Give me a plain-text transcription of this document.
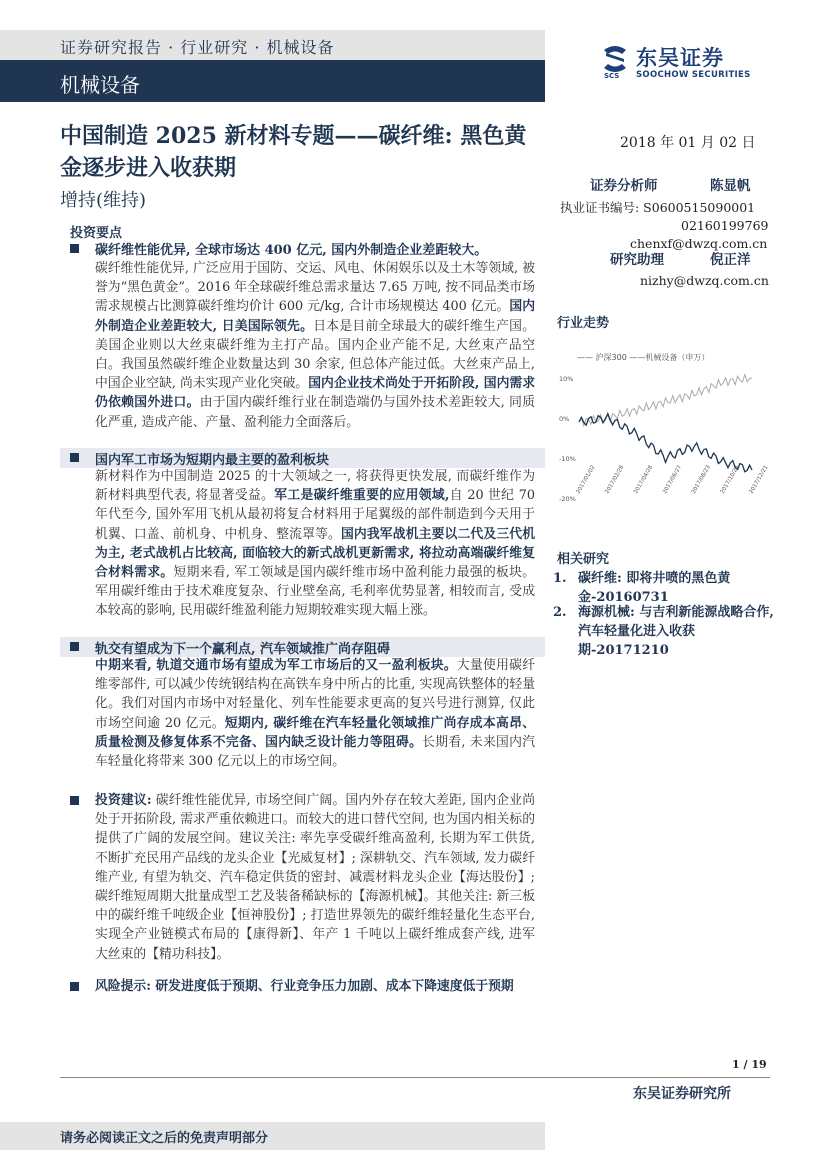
证券研究报告 · 行业研究 · 机械设备
机械设备	SCS
东吴证券
SOOCHOW SECURITIES
中国制造 2025 新材料专题——碳纤维: 黑色黄金逐步进入收获期
增持(维持)
2018 年 01 月 02 日
证券分析师	陈显帆
执业证书编号: S0600515090001
02160199769
chenxf@dwzq.com.cn
研究助理	倪正洋
nizhy@dwzq.com.cn
行业走势
—— 沪深300 ——机械设备（申万）
10%
0%
-10%
-20%
2017/01/02 2017/02/28 2017/04/28 2017/06/27 2017/08/23 2017/10/24 2017/12/21
相关研究
1. 碳纤维: 即将井喷的黑色黄金-20160731
2. 海源机械: 与吉利新能源战略合作, 汽车轻量化进入收获期-20171210
投资要点
碳纤维性能优异, 全球市场达 400 亿元, 国内外制造企业差距较大。
碳纤维性能优异, 广泛应用于国防、交运、风电、休闲娱乐以及土木等领域, 被誉为“黑色黄金”。2016 年全球碳纤维总需求量达 7.65 万吨, 按不同品类市场需求规模占比测算碳纤维均价计 600 元/kg, 合计市场规模达 400 亿元。国内外制造企业差距较大, 日美国际领先。日本是目前全球最大的碳纤维生产国。美国企业则以大丝束碳纤维为主打产品。国内企业产能不足, 大丝束产品空白。我国虽然碳纤维企业数量达到 30 余家, 但总体产能过低。大丝束产品上, 中国企业空缺, 尚未实现产业化突破。国内企业技术尚处于开拓阶段, 国内需求仍依赖国外进口。由于国内碳纤维行业在制造端仍与国外技术差距较大, 同质化严重, 造成产能、产量、盈利能力全面落后。
国内军工市场为短期内最主要的盈利板块
新材料作为中国制造 2025 的十大领域之一, 将获得更快发展, 而碳纤维作为新材料典型代表, 将显著受益。军工是碳纤维重要的应用领域,自 20 世纪 70 年代至今, 国外军用飞机从最初将复合材料用于尾翼级的部件制造到今天用于机翼、口盖、前机身、中机身、整流罩等。国内我军战机主要以二代及三代机为主, 老式战机占比较高, 面临较大的新式战机更新需求, 将拉动高端碳纤维复合材料需求。短期来看, 军工领域是国内碳纤维市场中盈利能力最强的板块。军用碳纤维由于技术难度复杂、行业壁垒高, 毛利率优势显著, 相较而言, 受成本较高的影响, 民用碳纤维盈利能力短期较难实现大幅上涨。
轨交有望成为下一个赢利点, 汽车领域推广尚存阻碍
中期来看, 轨道交通市场有望成为军工市场后的又一盈利板块。大量使用碳纤维零部件, 可以减少传统钢结构在高铁车身中所占的比重, 实现高铁整体的轻量化。我们对国内市场中对轻量化、列车性能要求更高的复兴号进行测算, 仅此市场空间逾 20 亿元。短期内, 碳纤维在汽车轻量化领域推广尚存成本高昂、质量检测及修复体系不完备、国内缺乏设计能力等阻碍。长期看, 未来国内汽车轻量化将带来 300 亿元以上的市场空间。
投资建议: 碳纤维性能优异, 市场空间广阔。国内外存在较大差距, 国内企业尚处于开拓阶段, 需求严重依赖进口。而较大的进口替代空间, 也为国内相关标的提供了广阔的发展空间。建议关注: 率先享受碳纤维高盈利, 长期为军工供货, 不断扩充民用产品线的龙头企业【光威复材】; 深耕轨交、汽车领域, 发力碳纤维产业, 有望为轨交、汽车稳定供货的密封、减震材料龙头企业【海达股份】; 碳纤维短周期大批量成型工艺及装备稀缺标的【海源机械】。其他关注: 新三板中的碳纤维千吨级企业【恒神股份】; 打造世界领先的碳纤维轻量化生态平台, 实现全产业链模式布局的【康得新】、年产 1 千吨以上碳纤维成套产线, 进军大丝束的【精功科技】。
风险提示: 研发进度低于预期、行业竞争压力加剧、成本下降速度低于预期
1 / 19
东吴证券研究所
请务必阅读正文之后的免责声明部分
